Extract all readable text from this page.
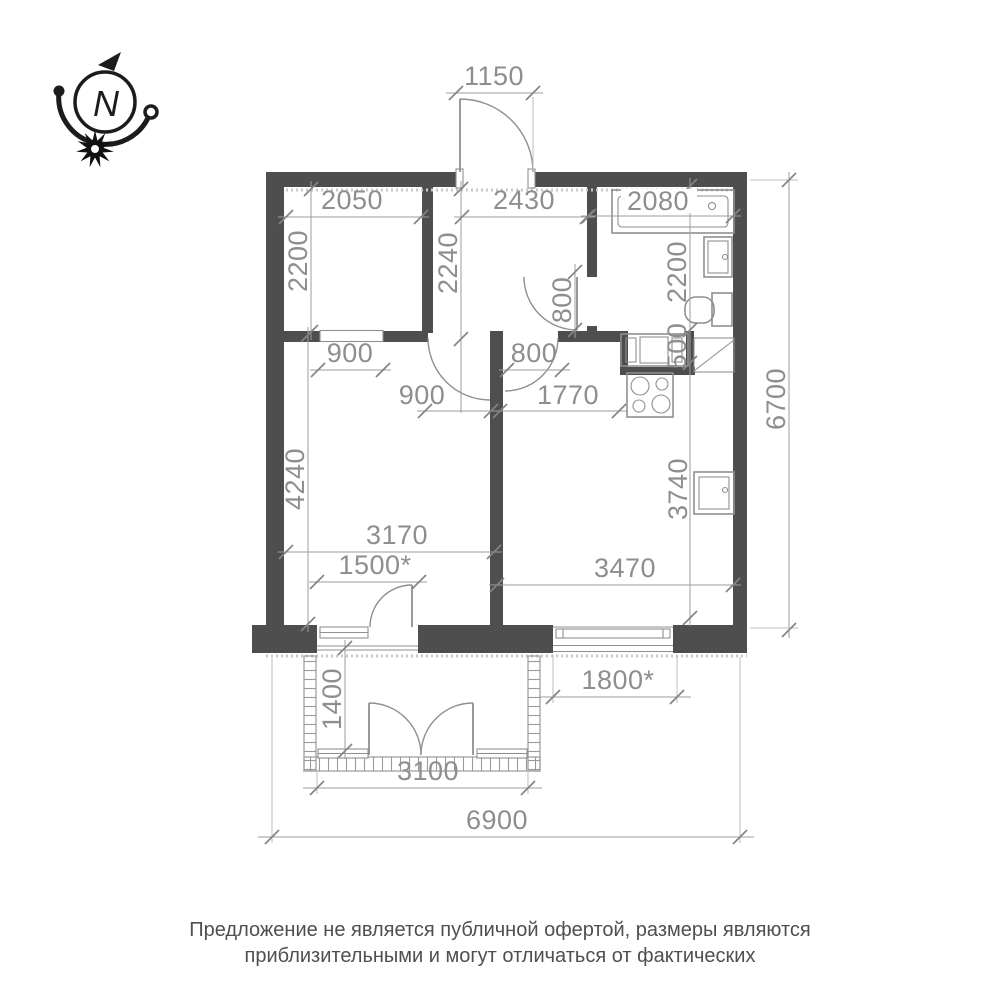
N
1150
2050	2430	2080
900
900
800
1770
3170
3470
1500*
1800*
3100
6900
2200	2240
800	2200
500
3740
4240
1400
6700
Предложение не является публичной офертой, размеры являются
приблизительными и могут отличаться от фактических
